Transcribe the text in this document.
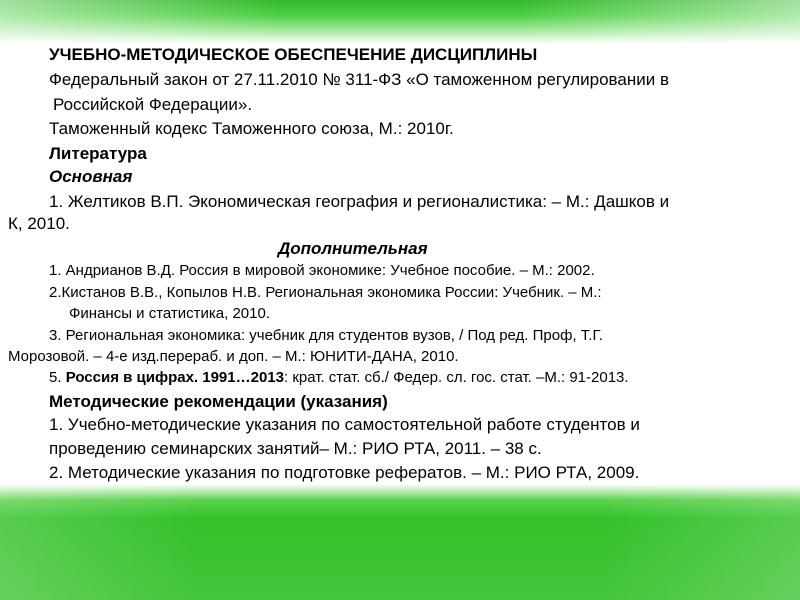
УЧЕБНО-МЕТОДИЧЕСКОЕ ОБЕСПЕЧЕНИЕ ДИСЦИПЛИНЫ
Федеральный закон от 27.11.2010 № 311-ФЗ «О таможенном регулировании в
Российской Федерации».
Таможенный кодекс Таможенного союза, М.: 2010г.
Литература
Основная
1. Желтиков В.П. Экономическая география и регионалистика: – М.: Дашков и
К, 2010.
Дополнительная
1. Андрианов В.Д. Россия в мировой экономике: Учебное пособие. – М.: 2002.
2.Кистанов В.В., Копылов Н.В. Региональная экономика России: Учебник. – М.:
Финансы и статистика, 2010.
3. Региональная экономика: учебник для студентов вузов, / Под ред. Проф, Т.Г.
Морозовой. – 4-е изд.перераб. и доп. – М.: ЮНИТИ-ДАНА, 2010.
5. Россия в цифрах. 1991…2013: крат. стат. сб./ Федер. сл. гос. стат. –М.: 91-2013.
Методические рекомендации (указания)
1. Учебно-методические указания по самостоятельной работе студентов и
проведению семинарских занятий– М.: РИО РТА, 2011. – 38 с.
2. Методические указания по подготовке рефератов. – М.: РИО РТА, 2009.
